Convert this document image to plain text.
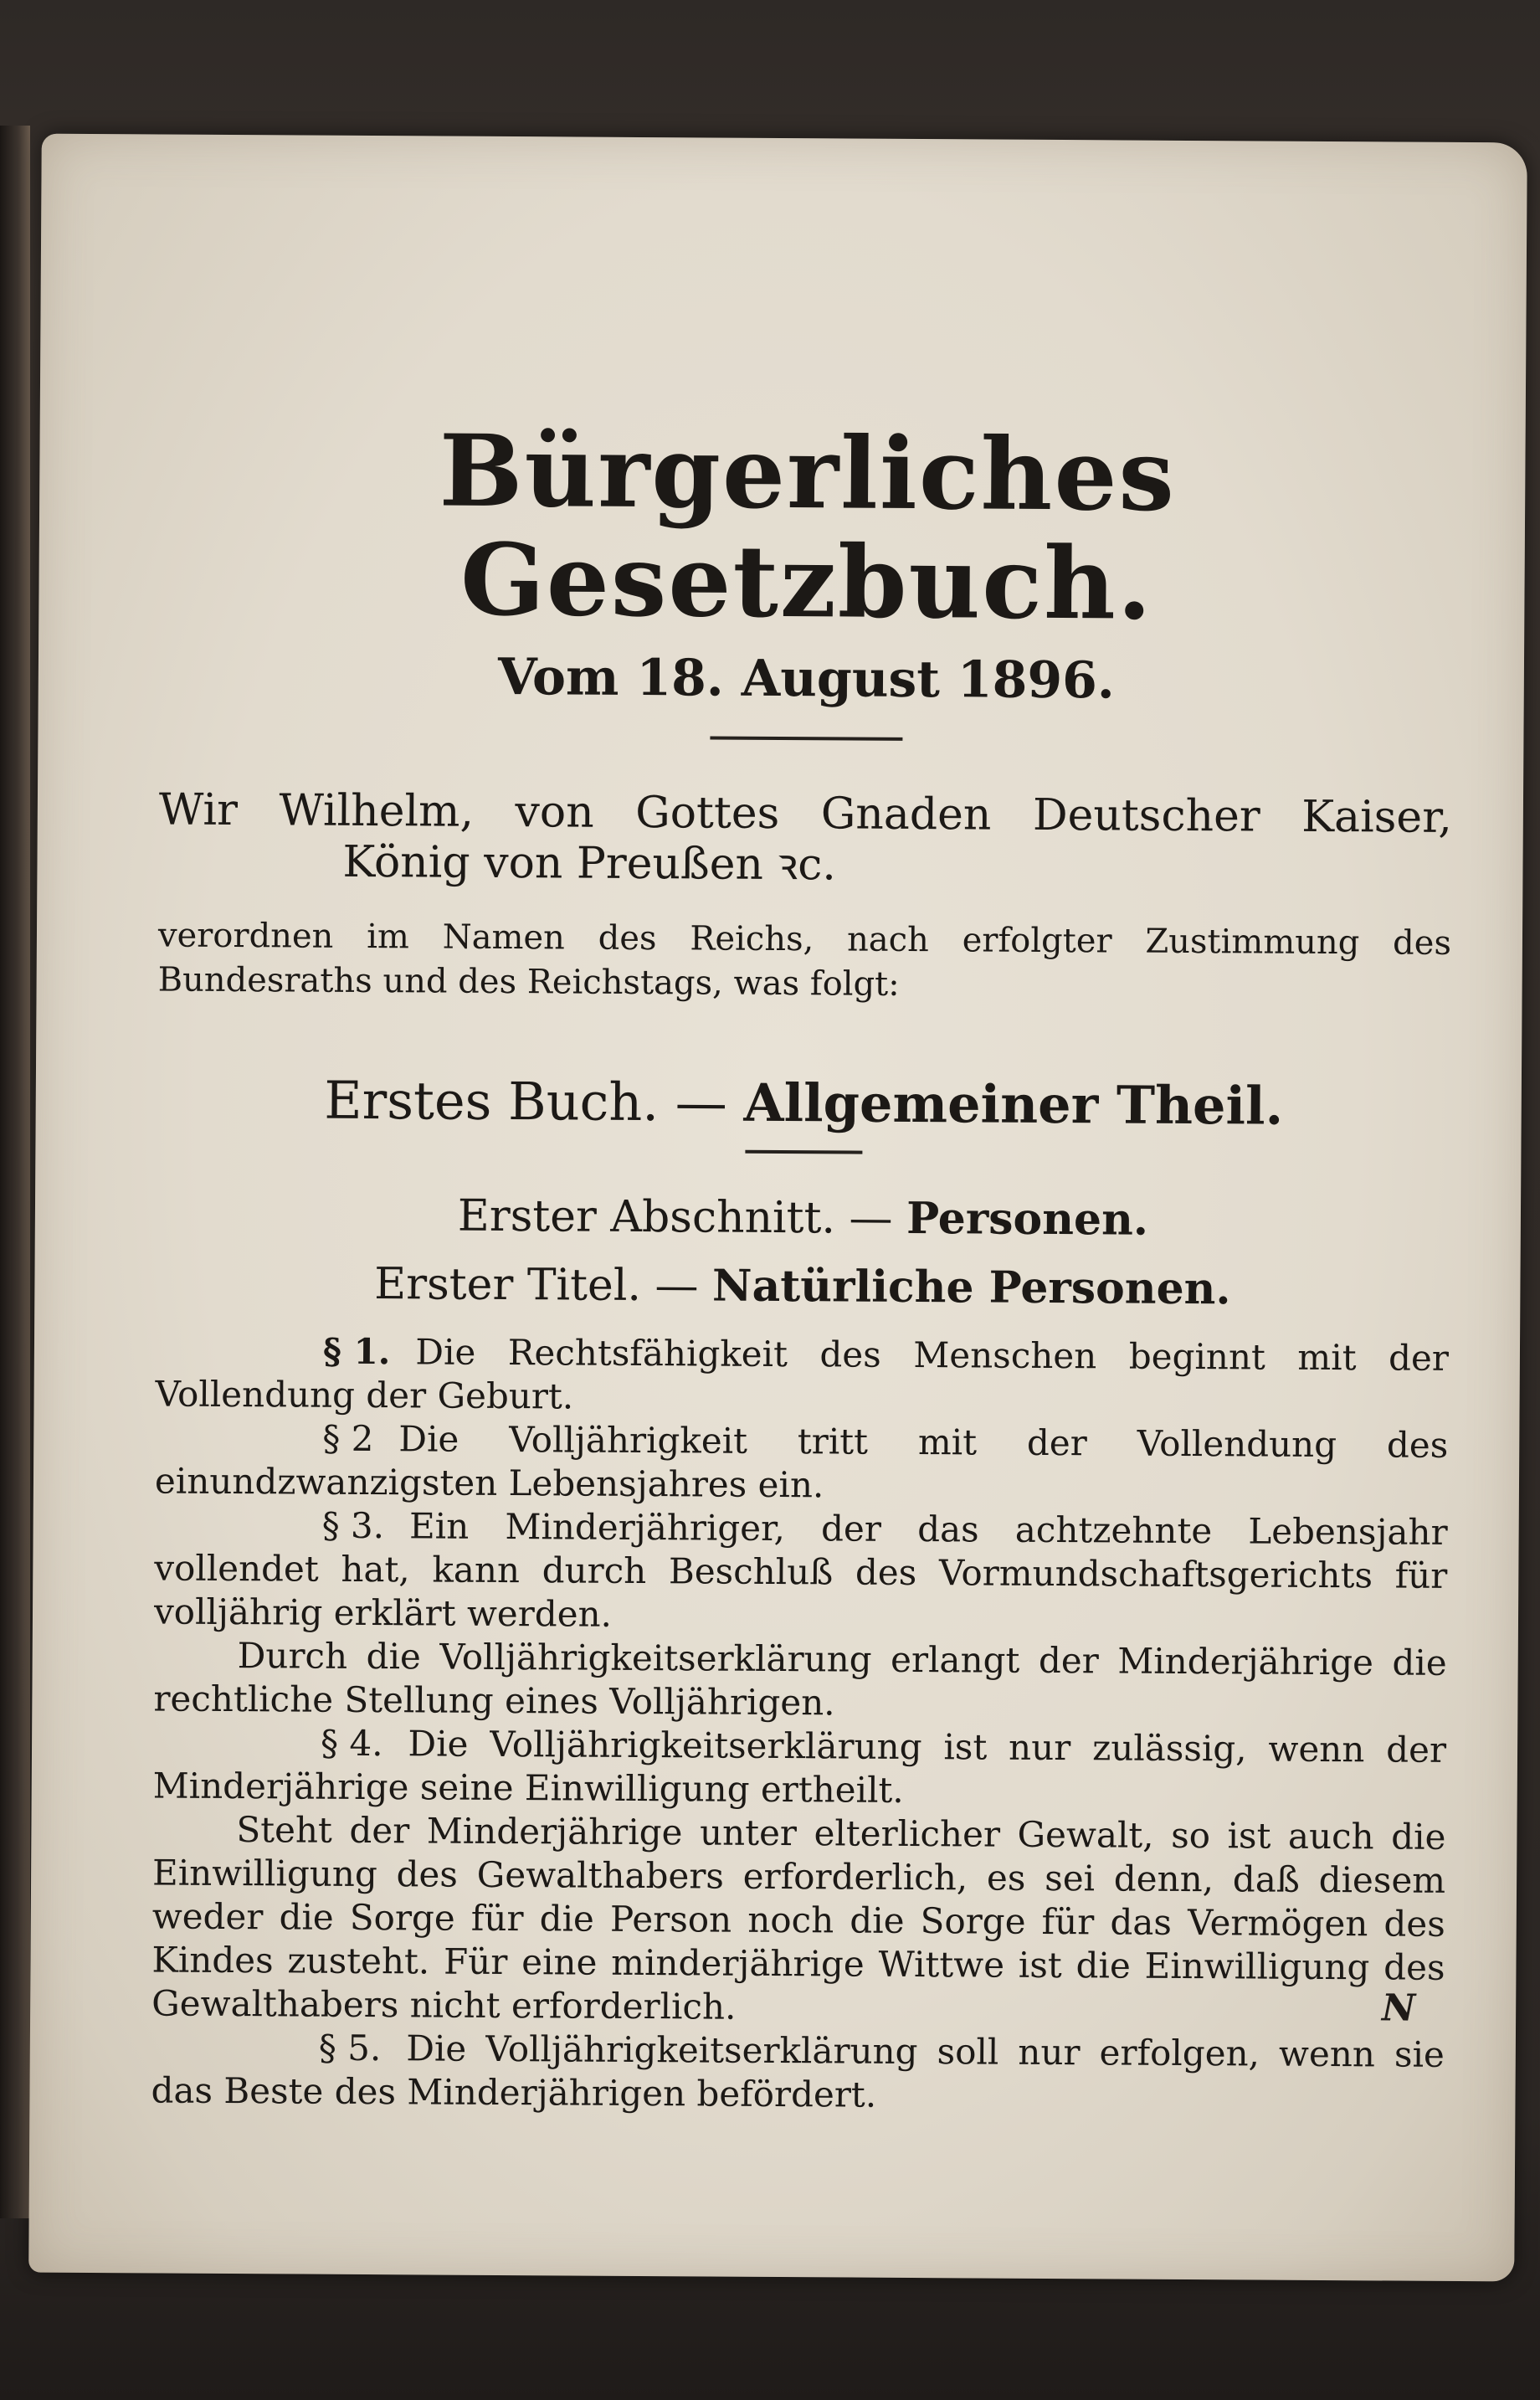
Bürgerliches Gesetzbuch.
Vom 18. August 1896.
Wir Wilhelm, von Gottes Gnaden Deutscher Kaiser,
König von Preußen ꝛc.
verordnen im Namen des Reichs, nach erfolgter Zustimmung des Bundesraths und des Reichstags, was folgt:
Erstes Buch. — Allgemeiner Theil.
Erster Abschnitt. — Personen.
Erster Titel. — Natürliche Personen.

§ 1. Die Rechtsfähigkeit des Menschen beginnt mit der Vollendung der Geburt.

§ 2 Die Volljährigkeit tritt mit der Vollendung des einundzwanzigsten Lebensjahres ein.

§ 3. Ein Minderjähriger, der das achtzehnte Lebensjahr vollendet hat, kann durch Beschluß des Vormundschaftsgerichts für volljährig erklärt werden.

Durch die Volljährigkeitserklärung erlangt der Minderjährige die rechtliche Stellung eines Volljährigen.

§ 4. Die Volljährigkeitserklärung ist nur zulässig, wenn der Minderjährige seine Einwilligung ertheilt.

Steht der Minderjährige unter elterlicher Gewalt, so ist auch die Einwilligung des Gewalthabers erforderlich, es sei denn, daß diesem weder die Sorge für die Person noch die Sorge für das Vermögen des Kindes zusteht. Für eine minderjährige Wittwe ist die Einwilligung des Gewalthabers nicht erforderlich.

§ 5. Die Volljährigkeitserklärung soll nur erfolgen, wenn sie das Beste des Minderjährigen befördert.

N
